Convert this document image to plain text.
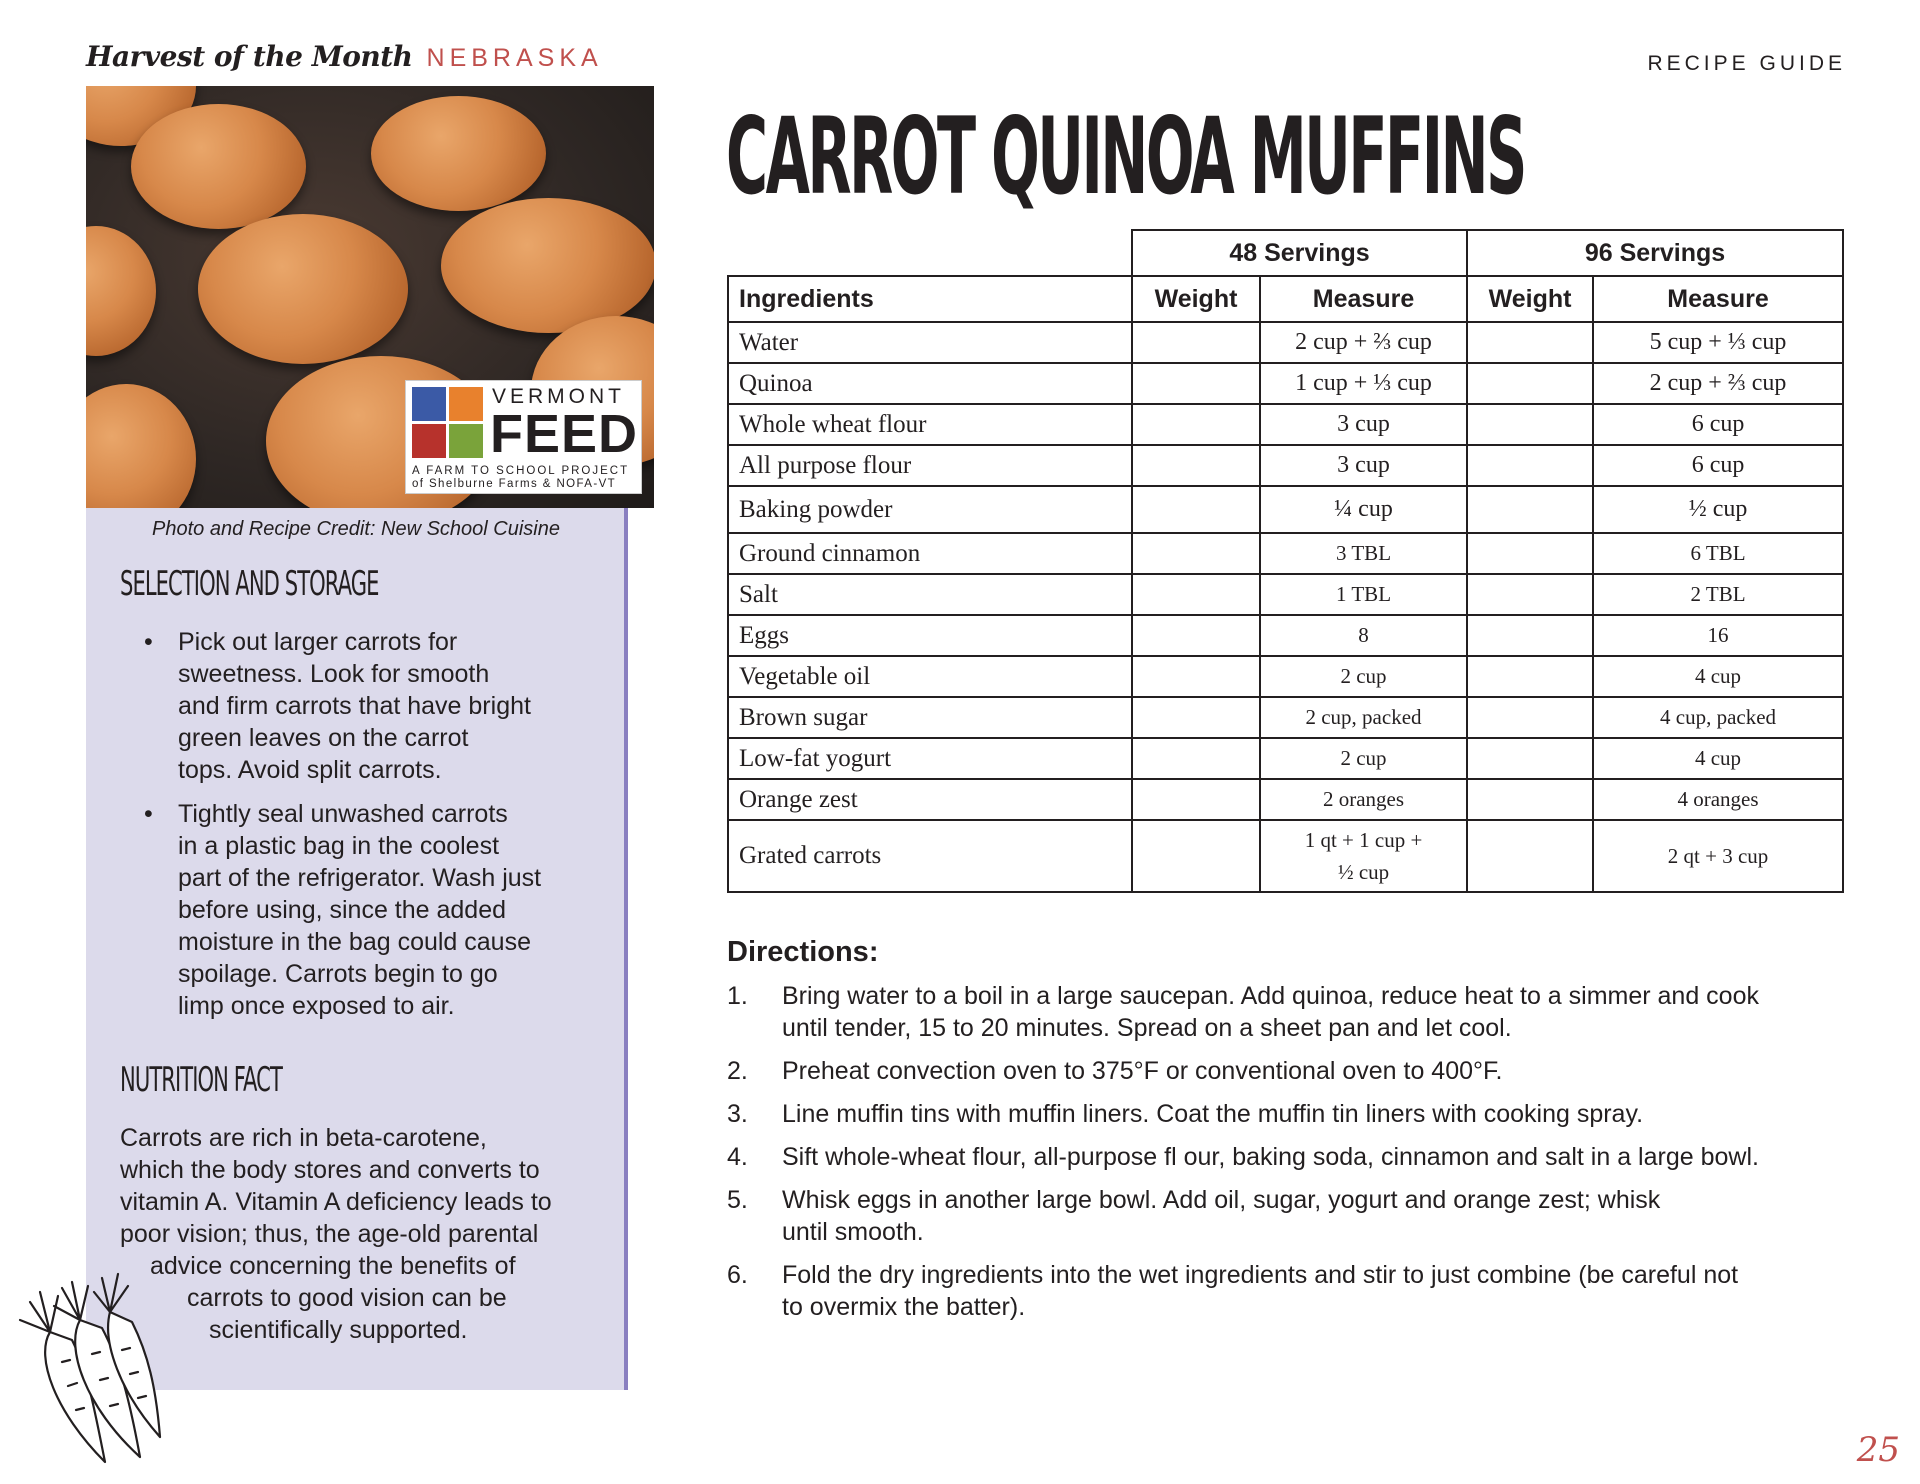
Harvest of the Month NEBRASKA	RECIPE GUIDE
VERMONT
FEED
A FARM TO SCHOOL PROJECT
of Shelburne Farms & NOFA-VT
Photo and Recipe Credit: New School Cuisine
SELECTION AND STORAGE
• Pick out larger carrots for
sweetness. Look for smooth
and firm carrots that have bright
green leaves on the carrot
tops. Avoid split carrots.
• Tightly seal unwashed carrots
in a plastic bag in the coolest
part of the refrigerator. Wash just
before using, since the added
moisture in the bag could cause
spoilage. Carrots begin to go
limp once exposed to air.
NUTRITION FACT
Carrots are rich in beta-carotene,
which the body stores and converts to
vitamin A. Vitamin A deficiency leads to
poor vision; thus, the age-old parental
advice concerning the benefits of
carrots to good vision can be
scientifically supported.
CARROT QUINOA MUFFINS
	48 Servings		96 Servings	
Ingredients	Weight	Measure	Weight	Measure
Water		2 cup + ⅔ cup		5 cup + ⅓ cup
Quinoa		1 cup + ⅓ cup		2 cup + ⅔ cup
Whole wheat flour		3 cup		6 cup
All purpose flour		3 cup		6 cup
Baking powder		¼ cup		½ cup
Ground cinnamon		3 TBL		6 TBL
Salt		1 TBL		2 TBL
Eggs		8		16
Vegetable oil		2 cup		4 cup
Brown sugar		2 cup, packed		4 cup, packed
Low-fat yogurt		2 cup		4 cup
Orange zest		2 oranges		4 oranges
Grated carrots		1 qt + 1 cup +
½ cup		2 qt + 3 cup
Directions:
1. Bring water to a boil in a large saucepan. Add quinoa, reduce heat to a simmer and cook
until tender, 15 to 20 minutes. Spread on a sheet pan and let cool.
2. Preheat convection oven to 375°F or conventional oven to 400°F.
3. Line muffin tins with muffin liners. Coat the muffin tin liners with cooking spray.
4. Sift whole-wheat flour, all-purpose fl our, baking soda, cinnamon and salt in a large bowl.
5. Whisk eggs in another large bowl. Add oil, sugar, yogurt and orange zest; whisk
until smooth.
6. Fold the dry ingredients into the wet ingredients and stir to just combine (be careful not
to overmix the batter).
25
